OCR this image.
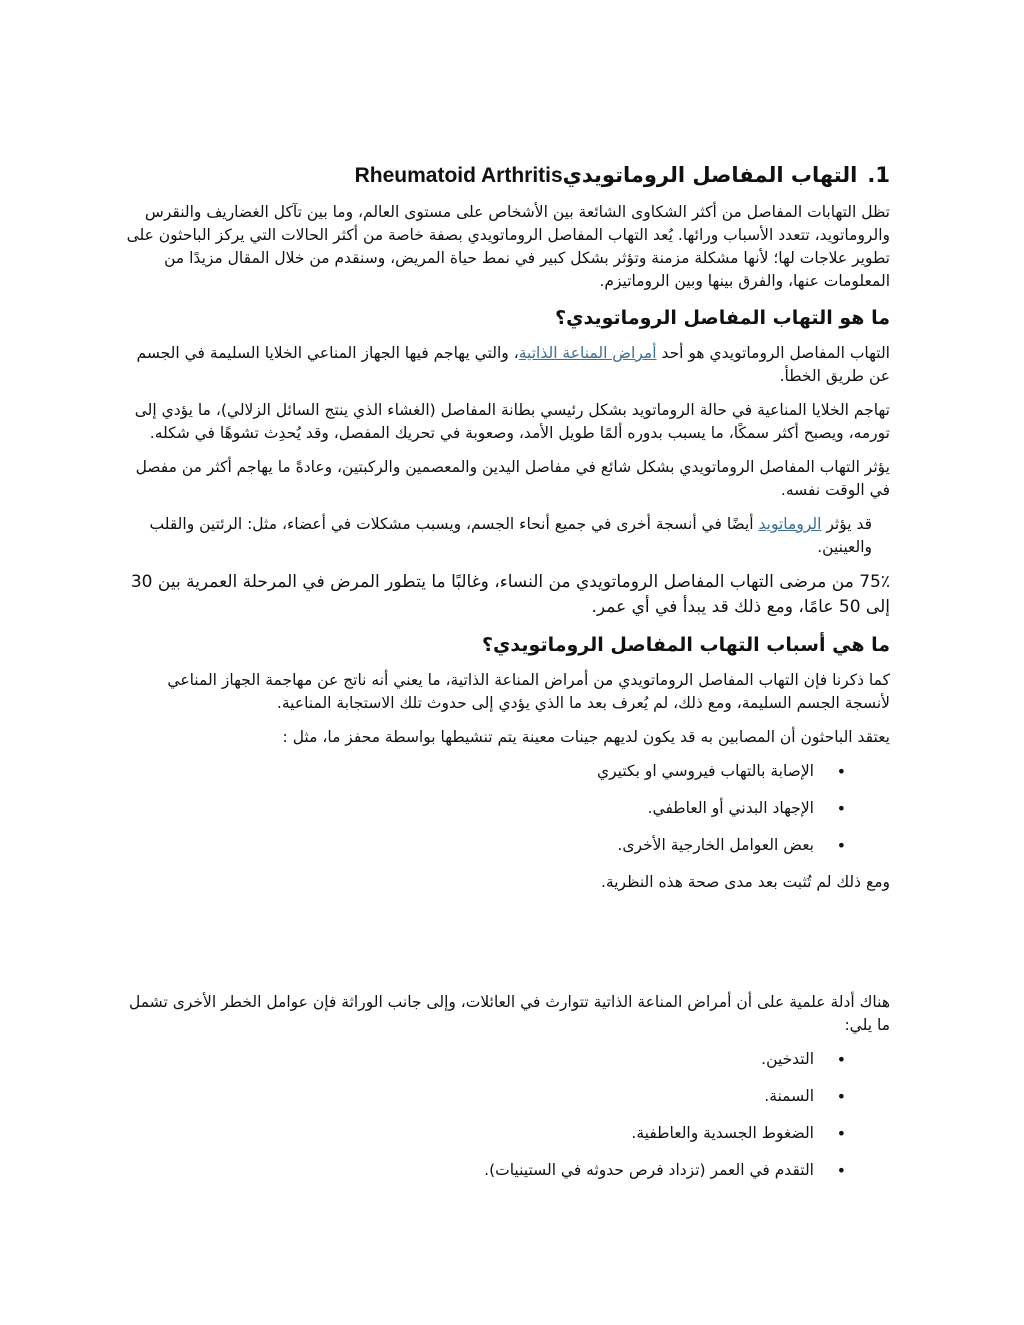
1.التهاب المفاصل الروماتويديRheumatoid Arthritis

تظل التهابات المفاصل من أكثر الشكاوى الشائعة بين الأشخاص على مستوى العالم، وما بين تآكل الغضاريف والنقرس والروماتويد، تتعدد الأسباب ورائها. يُعد التهاب المفاصل الروماتويدي بصفة خاصة من أكثر الحالات التي يركز الباحثون على تطوير علاجات لها؛ لأنها مشكلة مزمنة وتؤثر بشكل كبير في نمط حياة المريض، وسنقدم من خلال المقال مزيدًا من المعلومات عنها، والفرق بينها وبين الروماتيزم.

ما هو التهاب المفاصل الروماتويدي؟

التهاب المفاصل الروماتويدي هو أحد أمراض المناعة الذاتية، والتي يهاجم فيها الجهاز المناعي الخلايا السليمة في الجسم عن طريق الخطأ.

تهاجم الخلايا المناعية في حالة الروماتويد بشكل رئيسي بطانة المفاصل (الغشاء الذي ينتج السائل الزلالي)، ما يؤدي إلى تورمه، ويصبح أكثر سمكًا، ما يسبب بدوره ألمًا طويل الأمد، وصعوبة في تحريك المفصل، وقد يُحدِث تشوهًا في شكله.

يؤثر التهاب المفاصل الروماتويدي بشكل شائع في مفاصل اليدين والمعصمين والركبتين، وعادةً ما يهاجم أكثر من مفصل في الوقت نفسه.

قد يؤثر الروماتويد أيضًا في أنسجة أخرى في جميع أنحاء الجسم، ويسبب مشكلات في أعضاء، مثل: الرئتين والقلب والعينين.

75٪ من مرضى التهاب المفاصل الروماتويدي من النساء، وغالبًا ما يتطور المرض في المرحلة العمرية بين 30 إلى 50 عامًا، ومع ذلك قد يبدأ في أي عمر.

ما هي أسباب التهاب المفاصل الروماتويدي؟

كما ذكرنا فإن التهاب المفاصل الروماتويدي من أمراض المناعة الذاتية، ما يعني أنه ناتج عن مهاجمة الجهاز المناعي لأنسجة الجسم السليمة، ومع ذلك، لم يُعرف بعد ما الذي يؤدي إلى حدوث تلك الاستجابة المناعية.

يعتقد الباحثون أن المصابين به قد يكون لديهم جينات معينة يتم تنشيطها بواسطة محفز ما، مثل :

• الإصابة بالتهاب فيروسي او بكتيري
• الإجهاد البدني أو العاطفي.
• بعض العوامل الخارجية الأخرى.

ومع ذلك لم تُثبت بعد مدى صحة هذه النظرية.

هناك أدلة علمية على أن أمراض المناعة الذاتية تتوارث في العائلات، وإلى جانب الوراثة فإن عوامل الخطر الأخرى تشمل ما يلي:

• التدخين.
• السمنة.
• الضغوط الجسدية والعاطفية.
• التقدم في العمر (تزداد فرص حدوثه في الستينيات).
